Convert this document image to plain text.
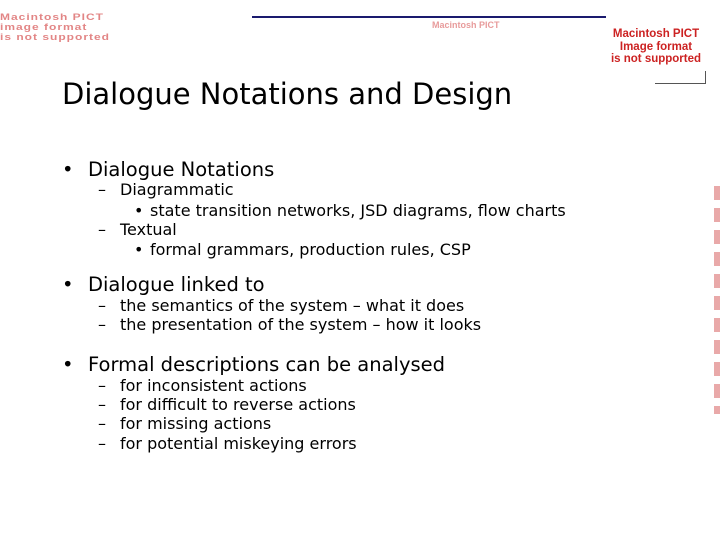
Macintosh PICT
image format
is not supported
Macintosh PICT
Macintosh PICT
Image format
is not supported
Dialogue Notations and Design
• Dialogue Notations
– Diagrammatic
• state transition networks, JSD diagrams, flow charts
– Textual
• formal grammars, production rules, CSP
• Dialogue linked to
– the semantics of the system – what it does
– the presentation of the system – how it looks
• Formal descriptions can be analysed
– for inconsistent actions
– for difficult to reverse actions
– for missing actions
– for potential miskeying errors
